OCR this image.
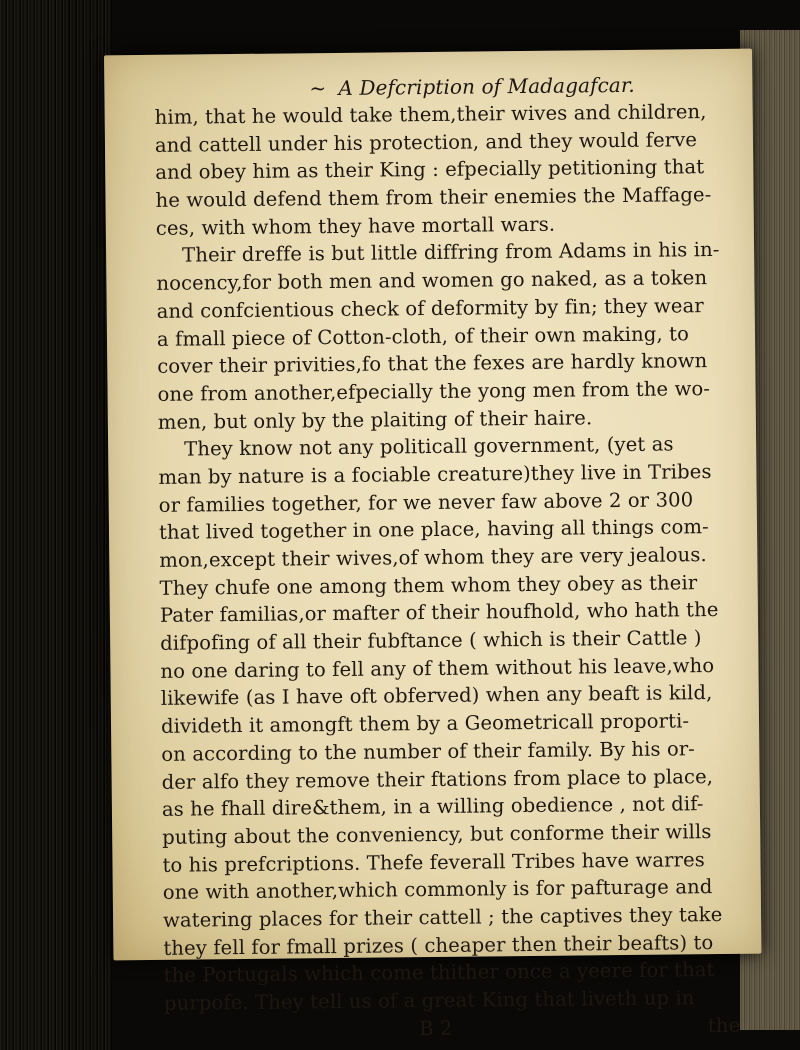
~ A Defcription of Madagafcar.
him, that he would take them,their wives and children,
and cattell under his protection, and they would ferve
and obey him as their King : efpecially petitioning that
he would defend them from their enemies the Maffage-
ces, with whom they have mortall wars.
Their dreffe is but little diffring from Adams in his in-
nocency,for both men and women go naked, as a token
and confcientious check of deformity by fin; they wear
a fmall piece of Cotton-cloth, of their own making, to
cover their privities,fo that the fexes are hardly known
one from another,efpecially the yong men from the wo-
men, but only by the plaiting of their haire.
They know not any politicall government, (yet as
man by nature is a fociable creature)they live in Tribes
or families together, for we never faw above 2 or 300
that lived together in one place, having all things com-
mon,except their wives,of whom they are very jealous.
They chufe one among them whom they obey as their
Pater familias,or mafter of their houfhold, who hath the
difpofing of all their fubftance ( which is their Cattle )
no one daring to fell any of them without his leave,who
likewife (as I have oft obferved) when any beaft is kild,
divideth it amongft them by a Geometricall proporti-
on according to the number of their family. By his or-
der alfo they remove their ftations from place to place,
as he fhall dire&them, in a willing obedience , not dif-
puting about the conveniency, but conforme their wills
to his prefcriptions. Thefe feverall Tribes have warres
one with another,which commonly is for pafturage and
watering places for their cattell ; the captives they take
they fell for fmall prizes ( cheaper then their beafts) to
the Portugals which come thither once a yeere for that
purpofe. They tell us of a great King that liveth up in
B 2	the
